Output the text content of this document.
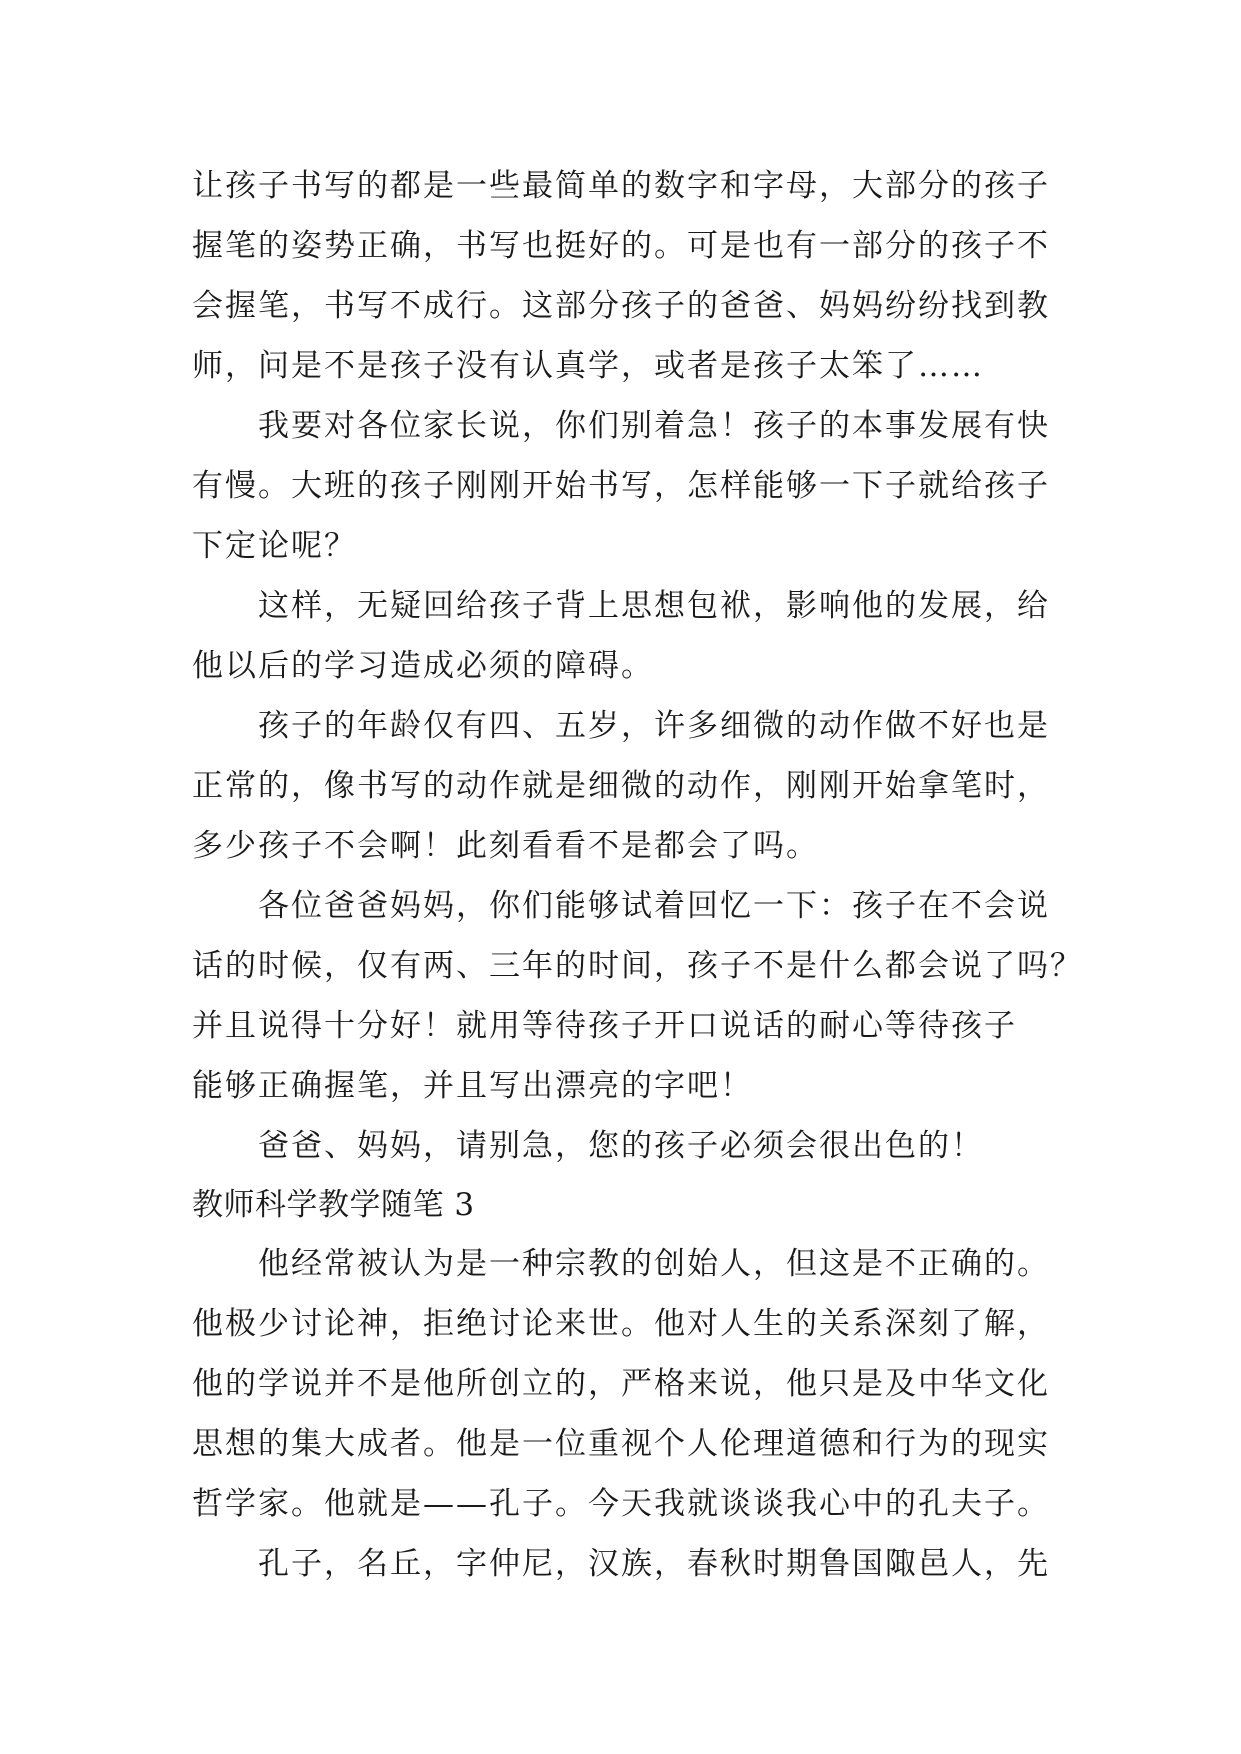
让孩子书写的都是一些最简单的数字和字母，大部分的孩子
握笔的姿势正确，书写也挺好的。可是也有一部分的孩子不
会握笔，书写不成行。这部分孩子的爸爸、妈妈纷纷找到教
师，问是不是孩子没有认真学，或者是孩子太笨了……
我要对各位家长说，你们别着急！孩子的本事发展有快
有慢。大班的孩子刚刚开始书写，怎样能够一下子就给孩子
下定论呢？
这样，无疑回给孩子背上思想包袱，影响他的发展，给
他以后的学习造成必须的障碍。
孩子的年龄仅有四、五岁，许多细微的动作做不好也是
正常的，像书写的动作就是细微的动作，刚刚开始拿笔时，
多少孩子不会啊！此刻看看不是都会了吗。
各位爸爸妈妈，你们能够试着回忆一下：孩子在不会说
话的时候，仅有两、三年的时间，孩子不是什么都会说了吗？
并且说得十分好！就用等待孩子开口说话的耐心等待孩子
能够正确握笔，并且写出漂亮的字吧！
爸爸、妈妈，请别急，您的孩子必须会很出色的！
教师科学教学随笔 3
他经常被认为是一种宗教的创始人，但这是不正确的。
他极少讨论神，拒绝讨论来世。他对人生的关系深刻了解，
他的学说并不是他所创立的，严格来说，他只是及中华文化
思想的集大成者。他是一位重视个人伦理道德和行为的现实
哲学家。他就是——孔子。今天我就谈谈我心中的孔夫子。
孔子，名丘，字仲尼，汉族，春秋时期鲁国陬邑人，先
